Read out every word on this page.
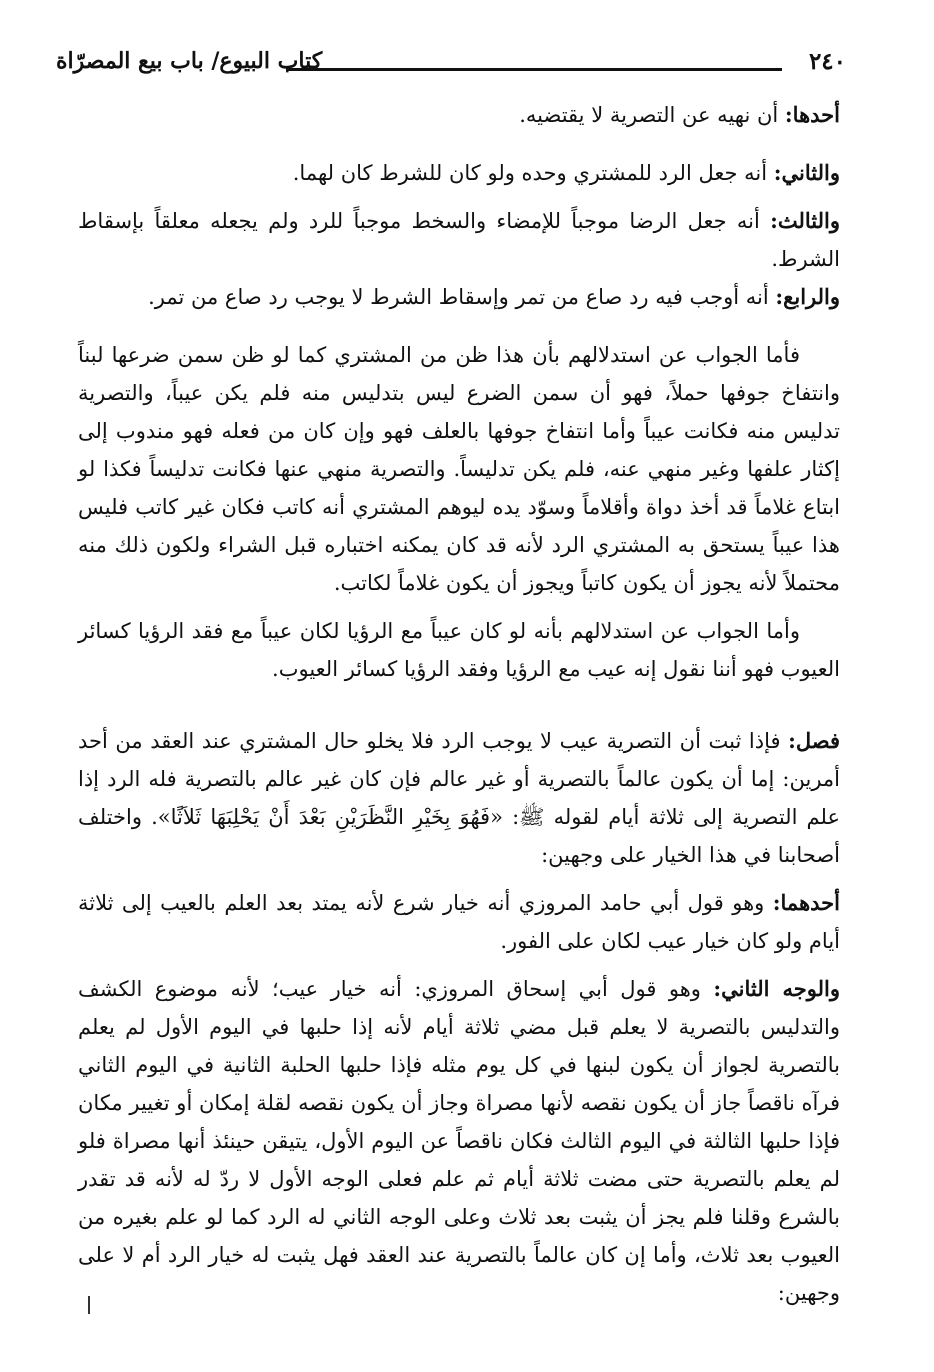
٢٤٠
كتاب البيوع/ باب بيع المصرّاة

أحدها: أن نهيه عن التصرية لا يقتضيه.

والثاني: أنه جعل الرد للمشتري وحده ولو كان للشرط كان لهما.

والثالث: أنه جعل الرضا موجباً للإمضاء والسخط موجباً للرد ولم يجعله معلقاً بإسقاط الشرط.

والرابع: أنه أوجب فيه رد صاع من تمر وإسقاط الشرط لا يوجب رد صاع من تمر.

فأما الجواب عن استدلالهم بأن هذا ظن من المشتري كما لو ظن سمن ضرعها لبناً وانتفاخ جوفها حملاً، فهو أن سمن الضرع ليس بتدليس منه فلم يكن عيباً، والتصرية تدليس منه فكانت عيباً وأما انتفاخ جوفها بالعلف فهو وإن كان من فعله فهو مندوب إلى إكثار علفها وغير منهي عنه، فلم يكن تدليساً. والتصرية منهي عنها فكانت تدليساً فكذا لو ابتاع غلاماً قد أخذ دواة وأقلاماً وسوّد يده ليوهم المشتري أنه كاتب فكان غير كاتب فليس هذا عيباً يستحق به المشتري الرد لأنه قد كان يمكنه اختباره قبل الشراء ولكون ذلك منه محتملاً لأنه يجوز أن يكون كاتباً ويجوز أن يكون غلاماً لكاتب.

وأما الجواب عن استدلالهم بأنه لو كان عيباً مع الرؤيا لكان عيباً مع فقد الرؤيا كسائر العيوب فهو أننا نقول إنه عيب مع الرؤيا وفقد الرؤيا كسائر العيوب.

فصل: فإذا ثبت أن التصرية عيب لا يوجب الرد فلا يخلو حال المشتري عند العقد من أحد أمرين: إما أن يكون عالماً بالتصرية أو غير عالم فإن كان غير عالم بالتصرية فله الرد إذا علم التصرية إلى ثلاثة أيام لقوله ﷺ: «فَهُوَ بِخَيْرِ النَّظَرَيْنِ بَعْدَ أَنْ يَحْلِبَهَا ثَلاَثًا». واختلف أصحابنا في هذا الخيار على وجهين:

أحدهما: وهو قول أبي حامد المروزي أنه خيار شرع لأنه يمتد بعد العلم بالعيب إلى ثلاثة أيام ولو كان خيار عيب لكان على الفور.

والوجه الثاني: وهو قول أبي إسحاق المروزي: أنه خيار عيب؛ لأنه موضوع الكشف والتدليس بالتصرية لا يعلم قبل مضي ثلاثة أيام لأنه إذا حلبها في اليوم الأول لم يعلم بالتصرية لجواز أن يكون لبنها في كل يوم مثله فإذا حلبها الحلبة الثانية في اليوم الثاني فرآه ناقصاً جاز أن يكون نقصه لأنها مصراة وجاز أن يكون نقصه لقلة إمكان أو تغيير مكان فإذا حلبها الثالثة في اليوم الثالث فكان ناقصاً عن اليوم الأول، يتيقن حينئذ أنها مصراة فلو لم يعلم بالتصرية حتى مضت ثلاثة أيام ثم علم فعلى الوجه الأول لا ردّ له لأنه قد تقدر بالشرع وقلنا فلم يجز أن يثبت بعد ثلاث وعلى الوجه الثاني له الرد كما لو علم بغيره من العيوب بعد ثلاث، وأما إن كان عالماً بالتصرية عند العقد فهل يثبت له خيار الرد أم لا على وجهين:
